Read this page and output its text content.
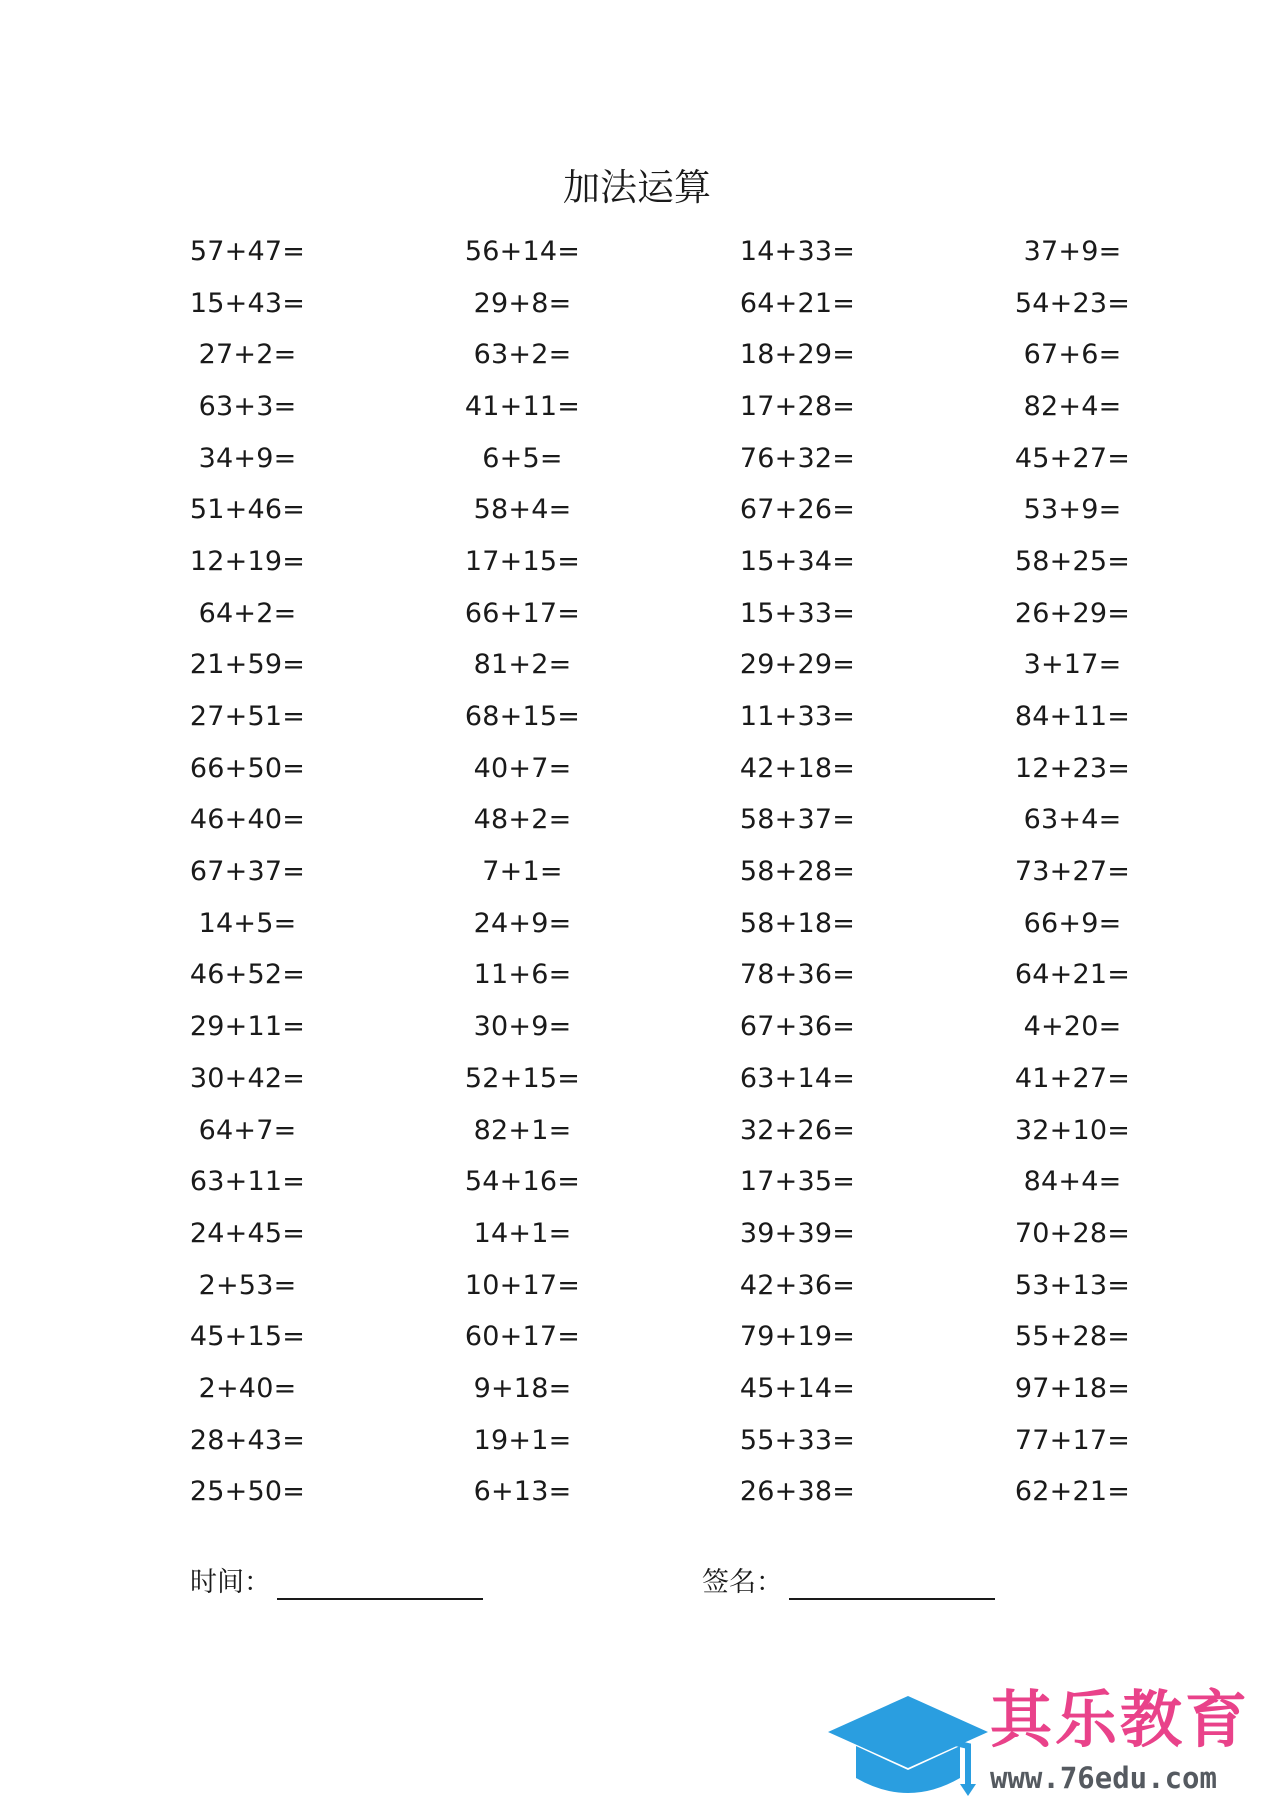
加法运算
57+47=	56+14=	14+33=	37+9=
15+43=	29+8=	64+21=	54+23=
27+2=	63+2=	18+29=	67+6=
63+3=	41+11=	17+28=	82+4=
34+9=	6+5=	76+32=	45+27=
51+46=	58+4=	67+26=	53+9=
12+19=	17+15=	15+34=	58+25=
64+2=	66+17=	15+33=	26+29=
21+59=	81+2=	29+29=	3+17=
27+51=	68+15=	11+33=	84+11=
66+50=	40+7=	42+18=	12+23=
46+40=	48+2=	58+37=	63+4=
67+37=	7+1=	58+28=	73+27=
14+5=	24+9=	58+18=	66+9=
46+52=	11+6=	78+36=	64+21=
29+11=	30+9=	67+36=	4+20=
30+42=	52+15=	63+14=	41+27=
64+7=	82+1=	32+26=	32+10=
63+11=	54+16=	17+35=	84+4=
24+45=	14+1=	39+39=	70+28=
2+53=	10+17=	42+36=	53+13=
45+15=	60+17=	79+19=	55+28=
2+40=	9+18=	45+14=	97+18=
28+43=	19+1=	55+33=	77+17=
25+50=	6+13=	26+38=	62+21=
时间：	签名：
其乐教育
www.76edu.com
